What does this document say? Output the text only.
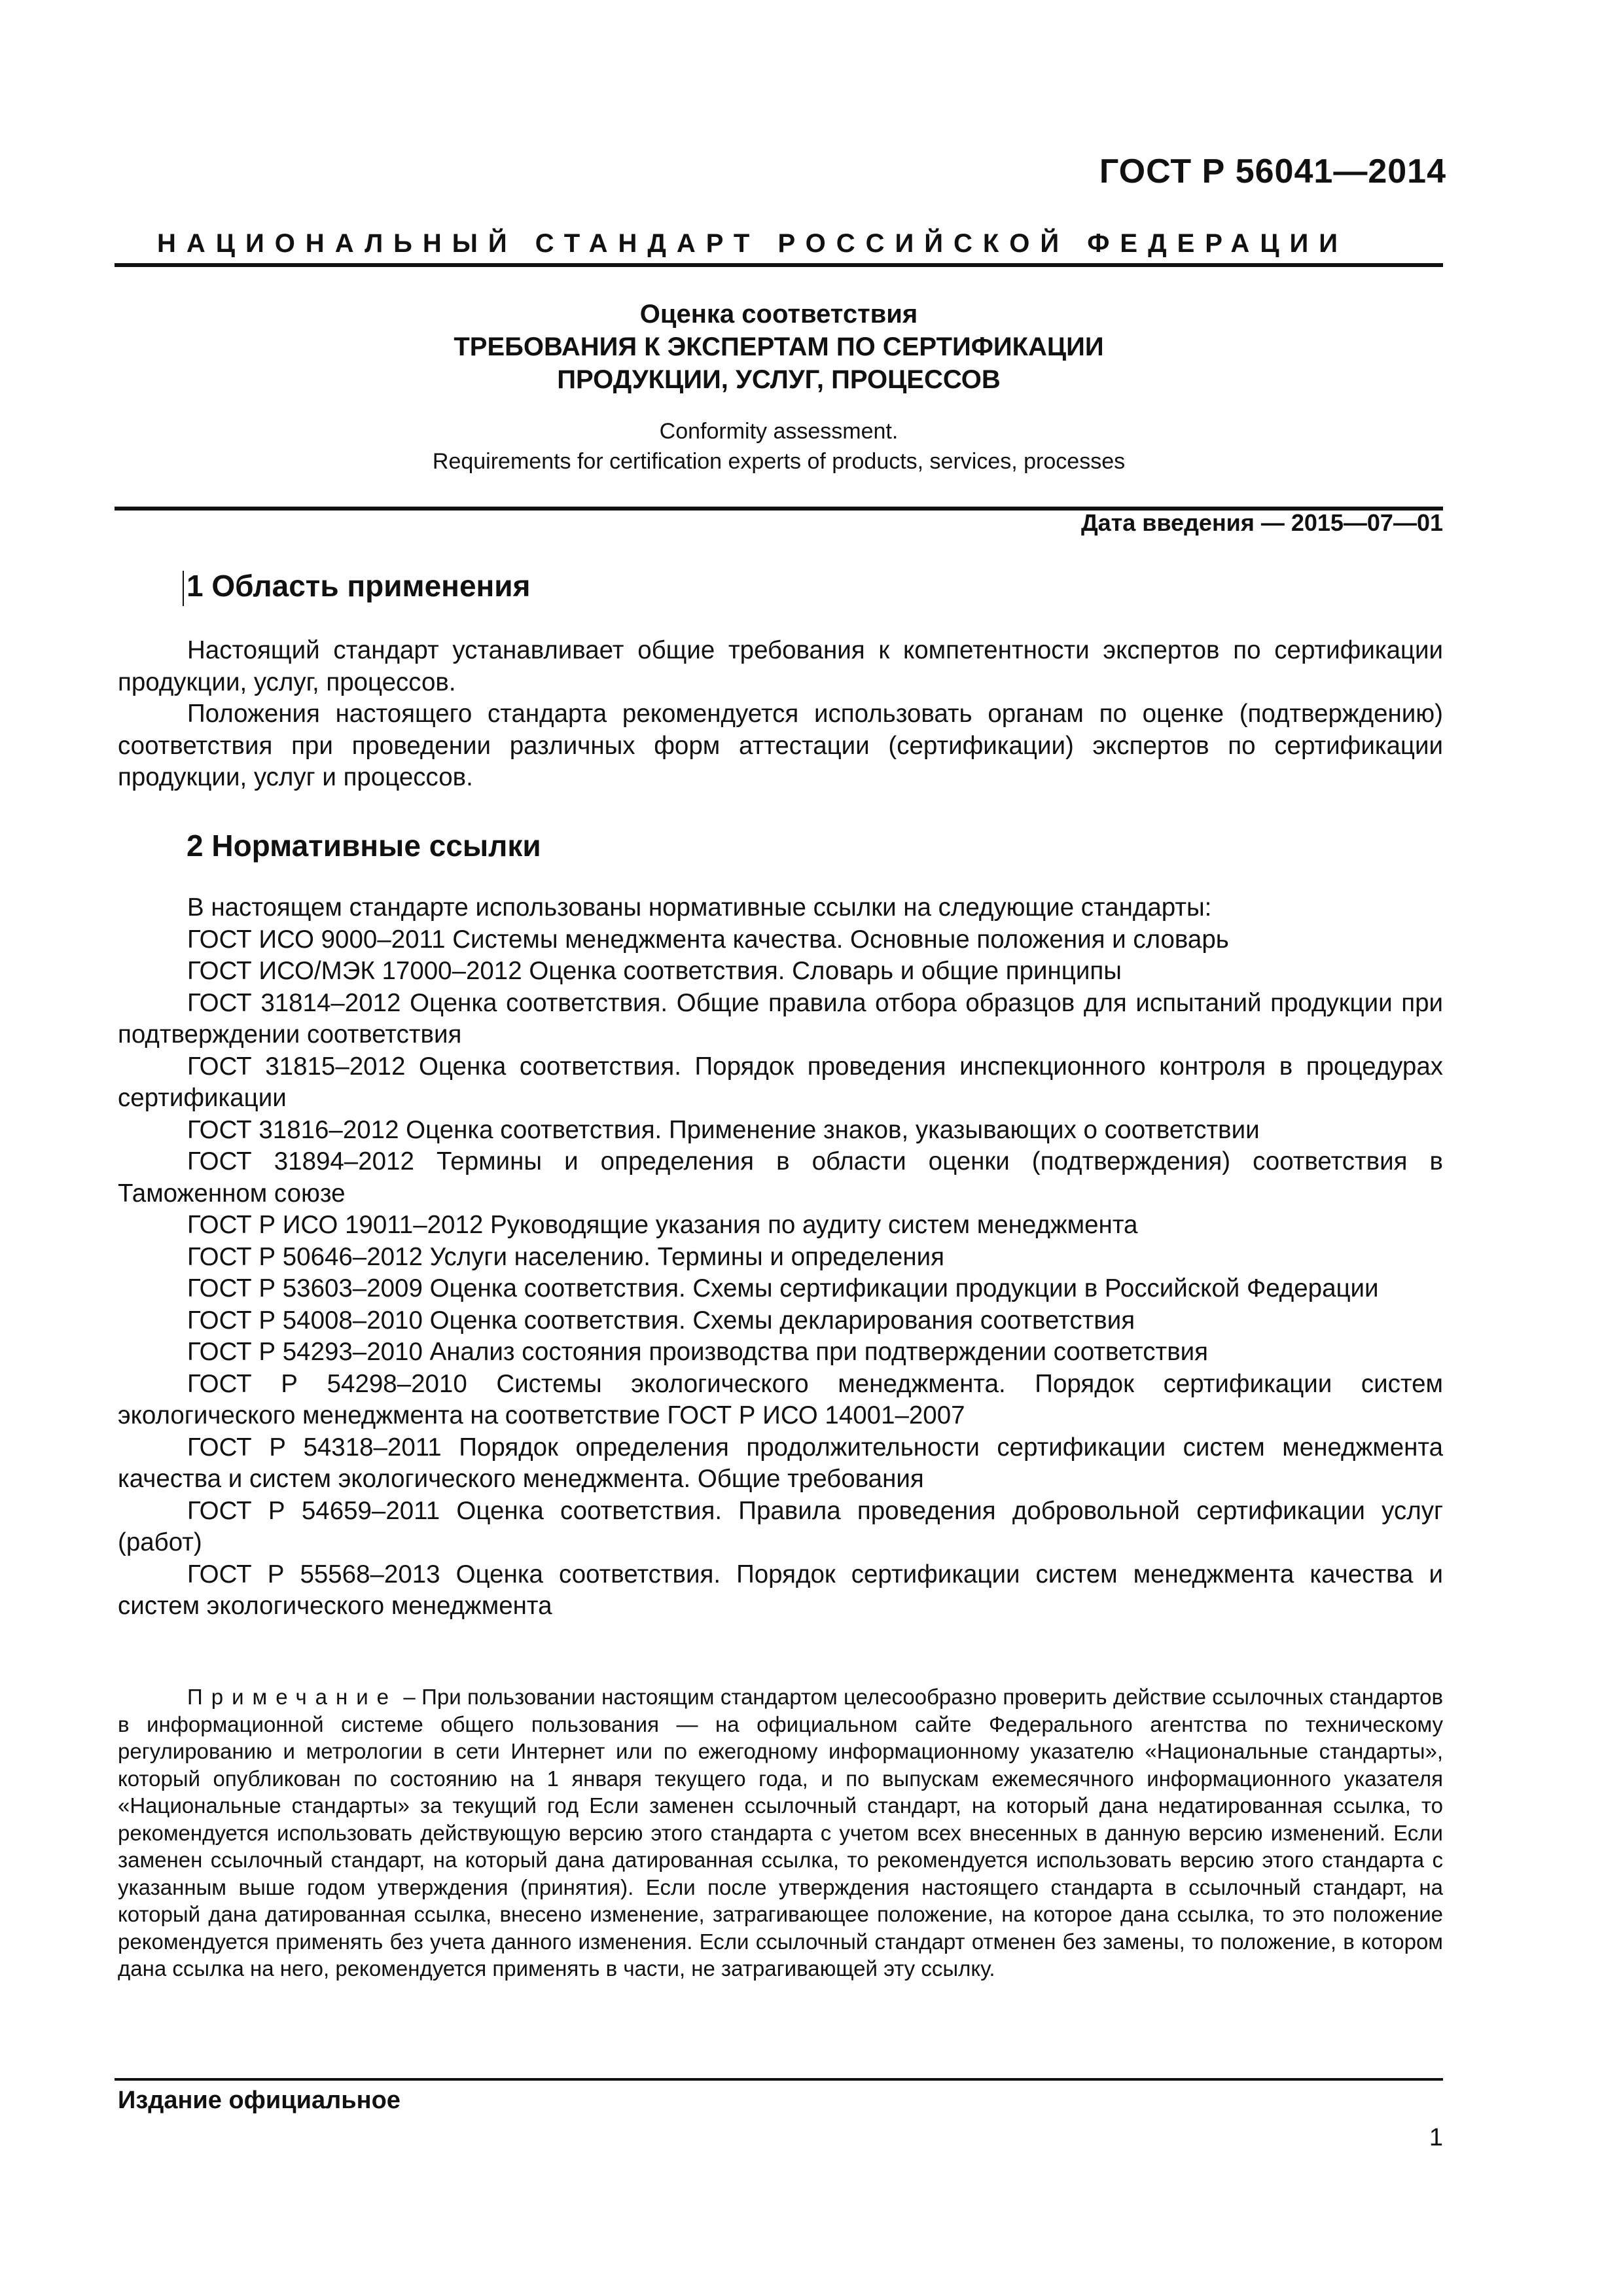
ГОСТ Р 56041—2014
НАЦИОНАЛЬНЫЙ СТАНДАРТ РОССИЙСКОЙ ФЕДЕРАЦИИ
Оценка соответствия
ТРЕБОВАНИЯ К ЭКСПЕРТАМ ПО СЕРТИФИКАЦИИ
ПРОДУКЦИИ, УСЛУГ, ПРОЦЕССОВ
Conformity assessment.
Requirements for certification experts of products, services, processes
Дата введения — 2015—07—01
1 Область применения

Настоящий стандарт устанавливает общие требования к компетентности экспертов по сертификации продукции, услуг, процессов.

Положения настоящего стандарта рекомендуется использовать органам по оценке (подтверждению) соответствия при проведении различных форм аттестации (сертификации) экспертов по сертификации продукции, услуг и процессов.

2 Нормативные ссылки

В настоящем стандарте использованы нормативные ссылки на следующие стандарты:

ГОСТ ИСО 9000–2011 Системы менеджмента качества. Основные положения и словарь

ГОСТ ИСО/МЭК 17000–2012 Оценка соответствия. Словарь и общие принципы

ГОСТ 31814–2012 Оценка соответствия. Общие правила отбора образцов для испытаний продукции при подтверждении соответствия

ГОСТ 31815–2012 Оценка соответствия. Порядок проведения инспекционного контроля в процедурах сертификации

ГОСТ 31816–2012 Оценка соответствия. Применение знаков, указывающих о соответствии

ГОСТ 31894–2012 Термины и определения в области оценки (подтверждения) соответствия в Таможенном союзе

ГОСТ Р ИСО 19011–2012 Руководящие указания по аудиту систем менеджмента

ГОСТ Р 50646–2012 Услуги населению. Термины и определения

ГОСТ Р 53603–2009 Оценка соответствия. Схемы сертификации продукции в Российской Федерации

ГОСТ Р 54008–2010 Оценка соответствия. Схемы декларирования соответствия

ГОСТ Р 54293–2010 Анализ состояния производства при подтверждении соответствия

ГОСТ Р 54298–2010 Системы экологического менеджмента. Порядок сертификации систем экологического менеджмента на соответствие ГОСТ Р ИСО 14001–2007

ГОСТ Р 54318–2011 Порядок определения продолжительности сертификации систем менеджмента качества и систем экологического менеджмента. Общие требования

ГОСТ Р 54659–2011 Оценка соответствия. Правила проведения добровольной сертификации услуг (работ)

ГОСТ Р 55568–2013 Оценка соответствия. Порядок сертификации систем менеджмента качества и систем экологического менеджмента

Примечание – При пользовании настоящим стандартом целесообразно проверить действие ссылочных стандартов в информационной системе общего пользования — на официальном сайте Федерального агентства по техническому регулированию и метрологии в сети Интернет или по ежегодному информационному указателю «Национальные стандарты», который опубликован по состоянию на 1 января текущего года, и по выпускам ежемесячного информационного указателя «Национальные стандарты» за текущий год Если заменен ссылочный стандарт, на который дана недатированная ссылка, то рекомендуется использовать действующую версию этого стандарта с учетом всех внесенных в данную версию изменений. Если заменен ссылочный стандарт, на который дана датированная ссылка, то рекомендуется использовать версию этого стандарта с указанным выше годом утверждения (принятия). Если после утверждения настоящего стандарта в ссылочный стандарт, на который дана датированная ссылка, внесено изменение, затрагивающее положение, на которое дана ссылка, то это положение рекомендуется применять без учета данного изменения. Если ссылочный стандарт отменен без замены, то положение, в котором дана ссылка на него, рекомендуется применять в части, не затрагивающей эту ссылку.

Издание официальное
1
